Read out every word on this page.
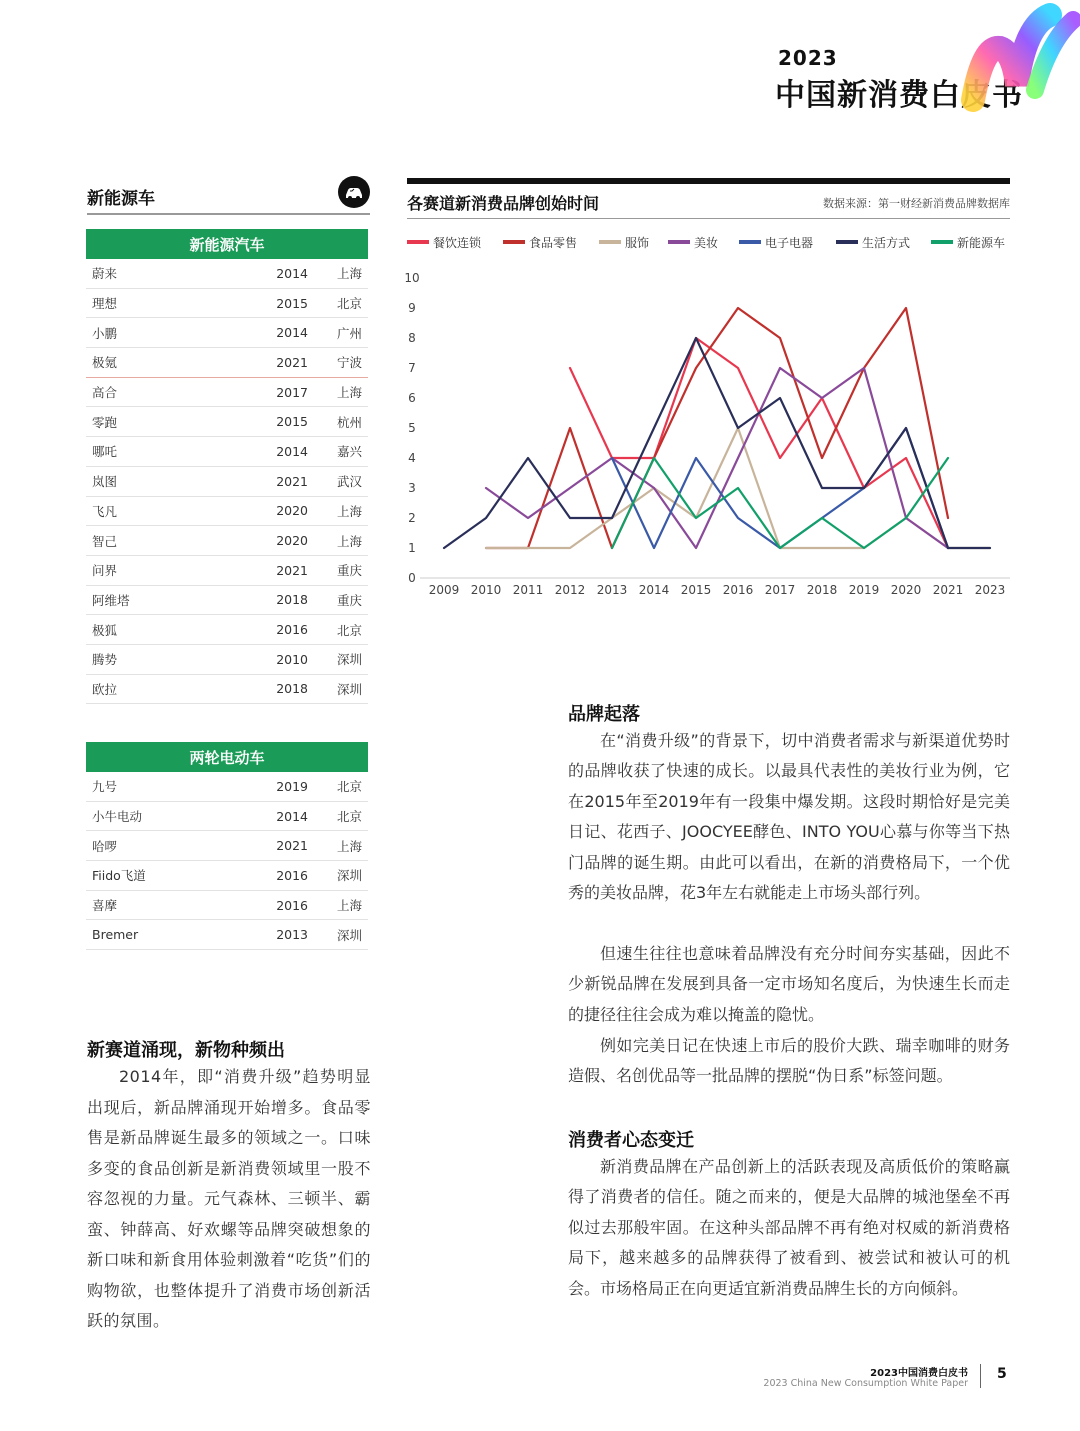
2023
中国新消费白皮书
新能源车
新能源汽车
蔚来	2014	上海
理想	2015	北京
小鹏	2014	广州
极氪	2021	宁波
高合	2017	上海
零跑	2015	杭州
哪吒	2014	嘉兴
岚图	2021	武汉
飞凡	2020	上海
智己	2020	上海
问界	2021	重庆
阿维塔	2018	重庆
极狐	2016	北京
腾势	2010	深圳
欧拉	2018	深圳
两轮电动车
九号	2019	北京
小牛电动	2014	北京
哈啰	2021	上海
Fiido飞道	2016	深圳
喜摩	2016	上海
Bremer	2013	深圳
新赛道涌现，新物种频出
2014年，即“消费升级”趋势明显出现后，新品牌涌现开始增多。食品零售是新品牌诞生最多的领域之一。口味多变的食品创新是新消费领域里一股不容忽视的力量。元气森林、三顿半、霸蛮、钟薛高、好欢螺等品牌突破想象的新口味和新食用体验刺激着“吃货”们的购物欲，也整体提升了消费市场创新活跃的氛围。
各赛道新消费品牌创始时间	数据来源：第一财经新消费品牌数据库
0
1
2
3
4
5
6
7
8
9
10
2009 2010 2011 2012 2013 2014 2015 2016 2017 2018 2019 2020 2021 2023
餐饮连锁	食品零售	服饰	美妆	电子电器	生活方式	新能源车
品牌起落
在“消费升级”的背景下，切中消费者需求与新渠道优势时的品牌收获了快速的成长。以最具代表性的美妆行业为例，它在2015年至2019年有一段集中爆发期。这段时期恰好是完美日记、花西子、JOOCYEE酵色、INTO YOU心慕与你等当下热门品牌的诞生期。由此可以看出，在新的消费格局下，一个优秀的美妆品牌，花3年左右就能走上市场头部行列。
但速生往往也意味着品牌没有充分时间夯实基础，因此不少新锐品牌在发展到具备一定市场知名度后，为快速生长而走的捷径往往会成为难以掩盖的隐忧。
例如完美日记在快速上市后的股价大跌、瑞幸咖啡的财务造假、名创优品等一批品牌的摆脱“伪日系”标签问题。
消费者心态变迁
新消费品牌在产品创新上的活跃表现及高质低价的策略赢得了消费者的信任。随之而来的，便是大品牌的城池堡垒不再似过去那般牢固。在这种头部品牌不再有绝对权威的新消费格局下，越来越多的品牌获得了被看到、被尝试和被认可的机会。市场格局正在向更适宜新消费品牌生长的方向倾斜。
2023中国消费白皮书
2023 China New Consumption White Paper
5
